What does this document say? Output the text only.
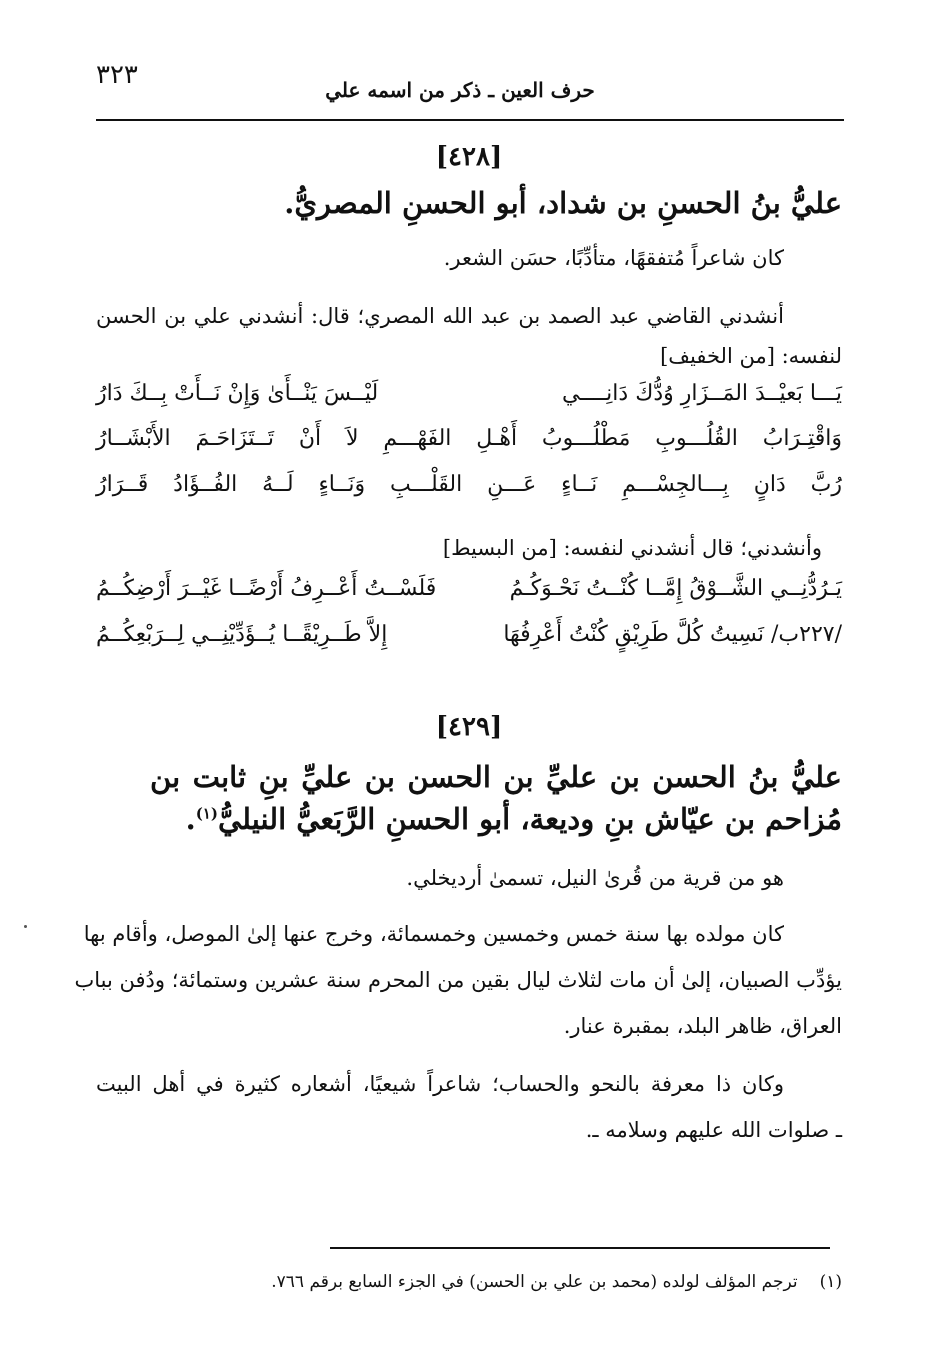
٣٢٣	حرف العين ـ ذكر من اسمه علي
[٤٢٨]
عليُّ بنُ الحسنِ بن شداد، أبو الحسنِ المصريُّ.
كان شاعراً مُتفقهًا، متأدِّبًا، حسَن الشعر.
أنشدني القاضي عبد الصمد بن عبد الله المصري؛ قال: أنشدني علي بن الحسن
لنفسه: [من الخفيف]
يَـــا بَعيْــدَ المَــزَارِ وُدُّكَ دَانِــــي
لَيْــسَ يَنْــأَىٰ وَإِنْ نَــأَتْ بِــكَ دَارُ
وَاقْتِـرَابُ القُلُـــوبِ مَطْلُـــوبُ أَهْـلِ الفَهْـــمِ لاَ أَنْ تَــتَزَاحَـمَ الأَبْشَــارُ
رُبَّ دَانٍ بِـــالجِسْـــمِ نَــاءٍ عَـــنِ القَلْـــبِ وَنَــاءٍ لَــهُ الفُــؤَادُ قَــرَارُ
وأنشدني؛ قال أنشدني لنفسه: [من البسيط]
يَـرُدُّنِــي الشَّــوْقُ إِمَّــا كُنْــتُ نَحْـوَكُـمُ
فَلَسْــتُ أَعْــرِفُ أَرْضًــا غَيْــرَ أَرْضِكُــمُ
/٢٢٧ب/ نَسِيتُ كُلَّ طَرِيْقٍ كُنْتُ أَعْرِفُهَا
إِلاَّ طَــرِيْقًــا يُــؤَدِّيْنِــي لِــرَبْعِكُــمُ
[٤٢٩]
عليُّ بنُ الحسن بن عليِّ بن الحسن بن عليِّ بنِ ثابت بن
مُزاحم بن عيّاش بنِ وديعة، أبو الحسنِ الرَّبَعيُّ النيليُّ$^{(١)}$.
هو من قرية من قُرىٰ النيل، تسمىٰ أرديخلي.
كان مولده بها سنة خمس وخمسين وخمسمائة، وخرج عنها إلىٰ الموصل، وأقام بها
يؤدِّب الصبيان، إلىٰ أن مات لثلاث ليال بقين من المحرم سنة عشرين وستمائة؛ ودُفن بباب
العراق، ظاهر البلد، بمقبرة عنار.
وكان ذا معرفة بالنحو والحساب؛ شاعراً شيعيًا، أشعاره كثيرة في أهل البيت
ـ صلوات الله عليهم وسلامه ـ.
(١)ترجم المؤلف لولده (محمد بن علي بن الحسن) في الجزء السابع برقم ٧٦٦.
